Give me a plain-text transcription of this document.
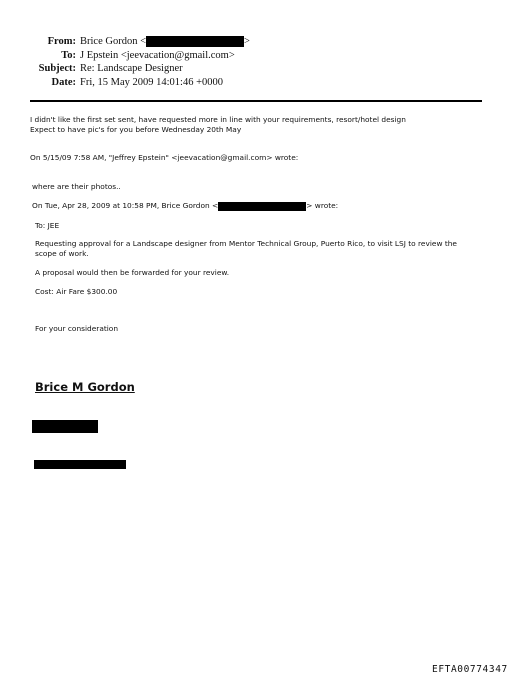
From: Brice Gordon <	>
To: J Epstein <jeevacation@gmail.com>
Subject: Re: Landscape Designer
Date: Fri, 15 May 2009 14:01:46 +0000
I didn't like the first set sent, have requested more in line with your requirements, resort/hotel design
Expect to have pic's for you before Wednesday 20th May
On 5/15/09 7:58 AM, "Jeffrey Epstein" <jeevacation@gmail.com> wrote:
where are their photos..
On Tue, Apr 28, 2009 at 10:58 PM, Brice Gordon <	> wrote:
To: JEE
Requesting approval for a Landscape designer from Mentor Technical Group, Puerto Rico, to visit LSJ to review the
scope of work.
A proposal would then be forwarded for your review.
Cost: Air Fare $300.00
For your consideration
Brice M Gordon
EFTA00774347
